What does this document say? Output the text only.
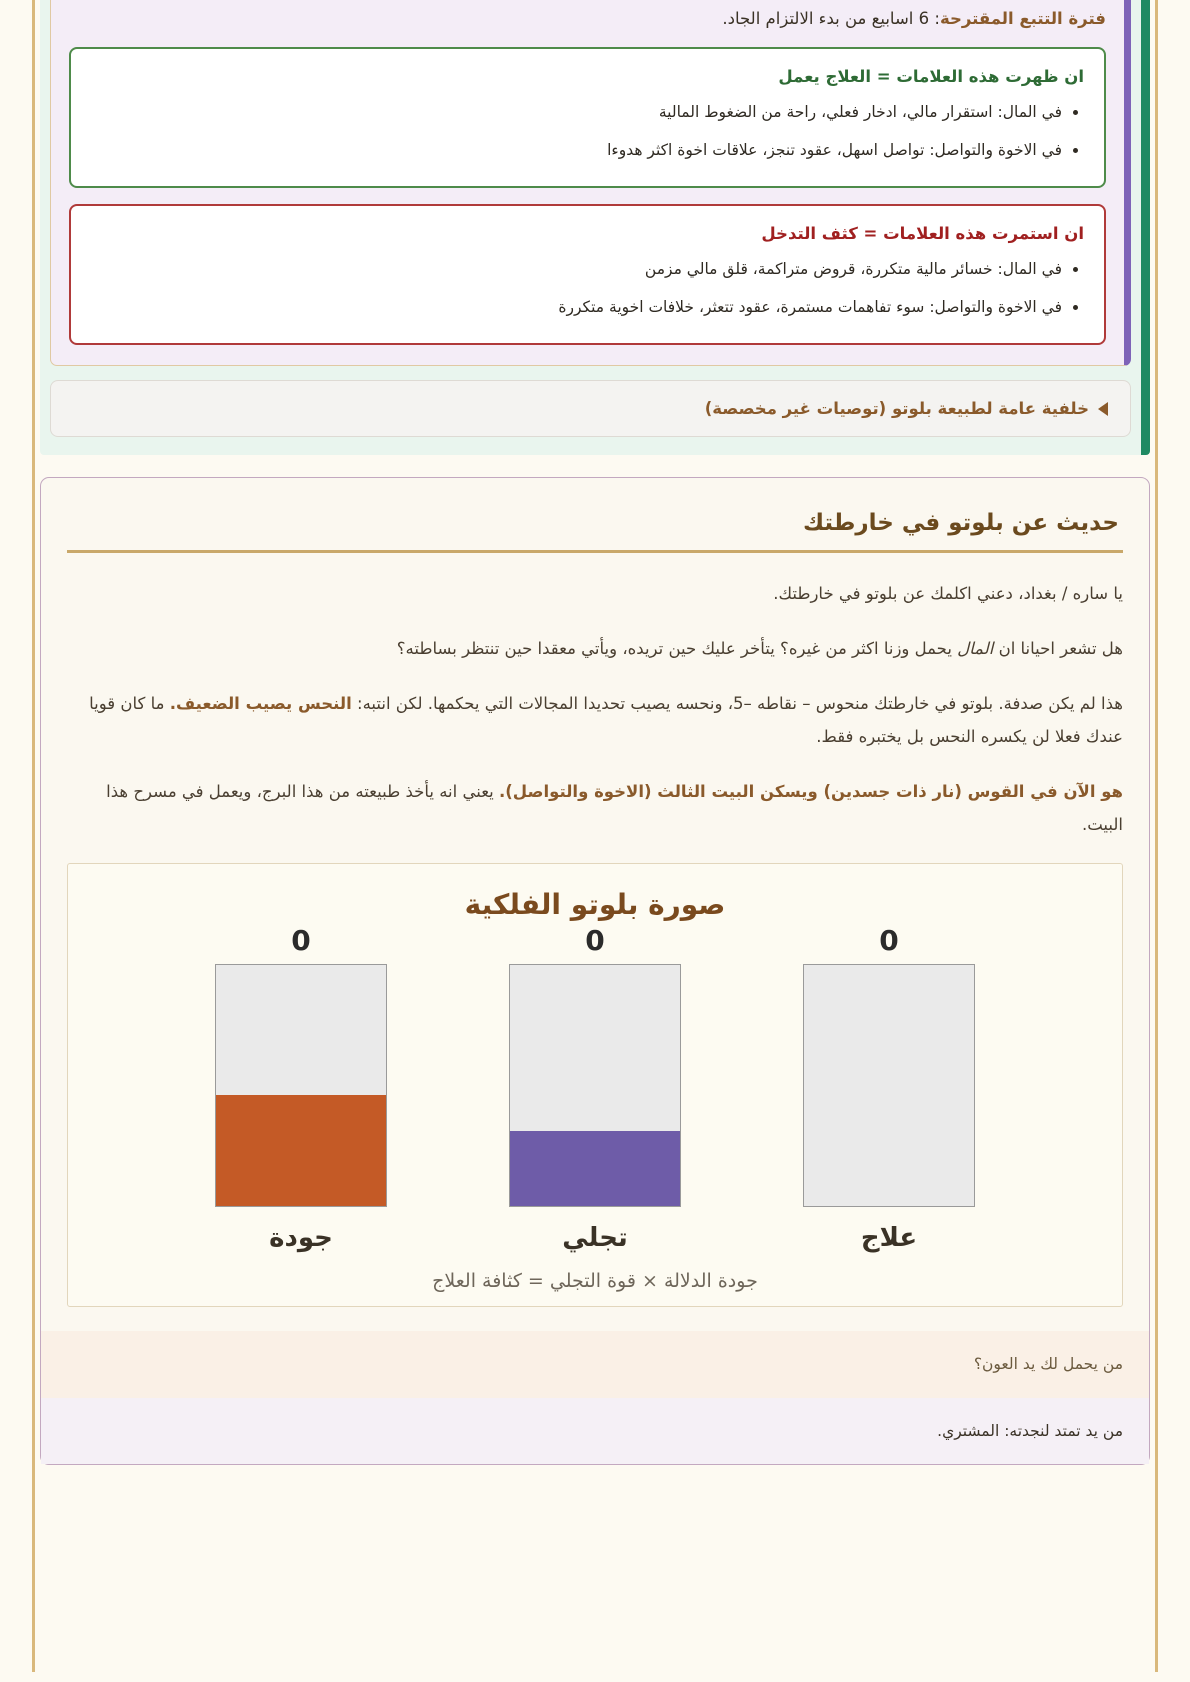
فترة التتبع المقترحة: 6 اسابيع من بدء الالتزام الجاد.

ان ظهرت هذه العلامات = العلاج يعمل
• في المال: استقرار مالي، ادخار فعلي، راحة من الضغوط المالية
• في الاخوة والتواصل: تواصل اسهل، عقود تنجز، علاقات اخوة اكثر هدوءا
ان استمرت هذه العلامات = كثف التدخل
• في المال: خسائر مالية متكررة، قروض متراكمة، قلق مالي مزمن
• في الاخوة والتواصل: سوء تفاهمات مستمرة، عقود تتعثر، خلافات اخوية متكررة
خلفية عامة لطبيعة بلوتو (توصيات غير مخصصة)
حديث عن بلوتو في خارطتك

يا ساره / بغداد، دعني اكلمك عن بلوتو في خارطتك.

هل تشعر احيانا ان المال يحمل وزنا اكثر من غيره؟ يتأخر عليك حين تريده، ويأتي معقدا حين تنتظر بساطته؟

هذا لم يكن صدفة. بلوتو في خارطتك منحوس – نقاطه –5، ونحسه يصيب تحديدا المجالات التي يحكمها. لكن انتبه: النحس يصيب الضعيف. ما كان قويا عندك فعلا لن يكسره النحس بل يختبره فقط.

هو الآن في القوس (نار ذات جسدين) ويسكن البيت الثالث (الاخوة والتواصل). يعني انه يأخذ طبيعته من هذا البرج، ويعمل في مسرح هذا البيت.

صورة بلوتو الفلكية
0
جودة
0
تجلي
0
علاج
جودة الدلالة × قوة التجلي = كثافة العلاج
من يحمل لك يد العون؟
من يد تمتد لنجدته: المشتري.
